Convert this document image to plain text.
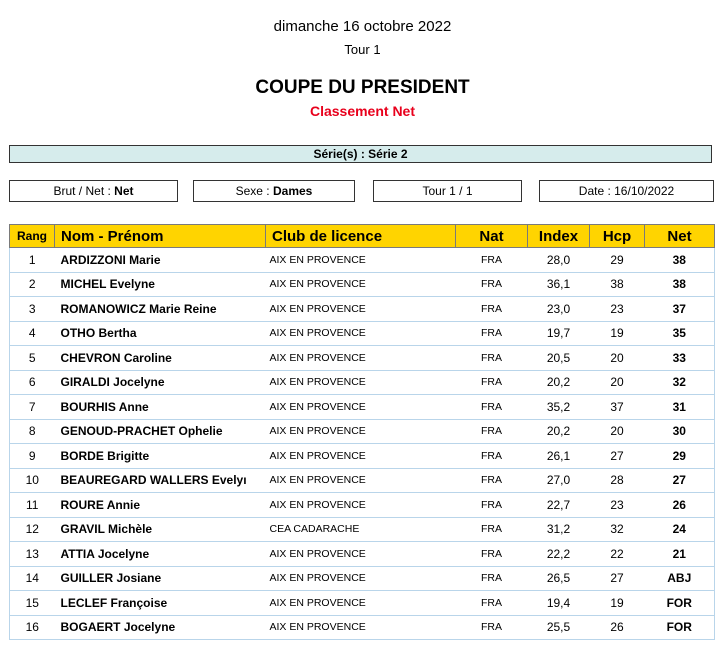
dimanche 16 octobre 2022
Tour 1
COUPE DU PRESIDENT
Classement Net
Série(s) : Série 2
Brut / Net : Net	Sexe : Dames	Tour 1 / 1	Date : 16/10/2022
Rang	Nom - Prénom	Club de licence	Nat	Index	Hcp	Net
1	ARDIZZONI Marie	AIX EN PROVENCE	FRA	28,0	29	38
2	MICHEL Evelyne	AIX EN PROVENCE	FRA	36,1	38	38
3	ROMANOWICZ Marie Reine	AIX EN PROVENCE	FRA	23,0	23	37
4	OTHO Bertha	AIX EN PROVENCE	FRA	19,7	19	35
5	CHEVRON Caroline	AIX EN PROVENCE	FRA	20,5	20	33
6	GIRALDI Jocelyne	AIX EN PROVENCE	FRA	20,2	20	32
7	BOURHIS Anne	AIX EN PROVENCE	FRA	35,2	37	31
8	GENOUD-PRACHET Ophelie	AIX EN PROVENCE	FRA	20,2	20	30
9	BORDE Brigitte	AIX EN PROVENCE	FRA	26,1	27	29
10	BEAUREGARD WALLERS Evelyı	AIX EN PROVENCE	FRA	27,0	28	27
11	ROURE Annie	AIX EN PROVENCE	FRA	22,7	23	26
12	GRAVIL Michèle	CEA CADARACHE	FRA	31,2	32	24
13	ATTIA Jocelyne	AIX EN PROVENCE	FRA	22,2	22	21
14	GUILLER Josiane	AIX EN PROVENCE	FRA	26,5	27	ABJ
15	LECLEF Françoise	AIX EN PROVENCE	FRA	19,4	19	FOR
16	BOGAERT Jocelyne	AIX EN PROVENCE	FRA	25,5	26	FOR
